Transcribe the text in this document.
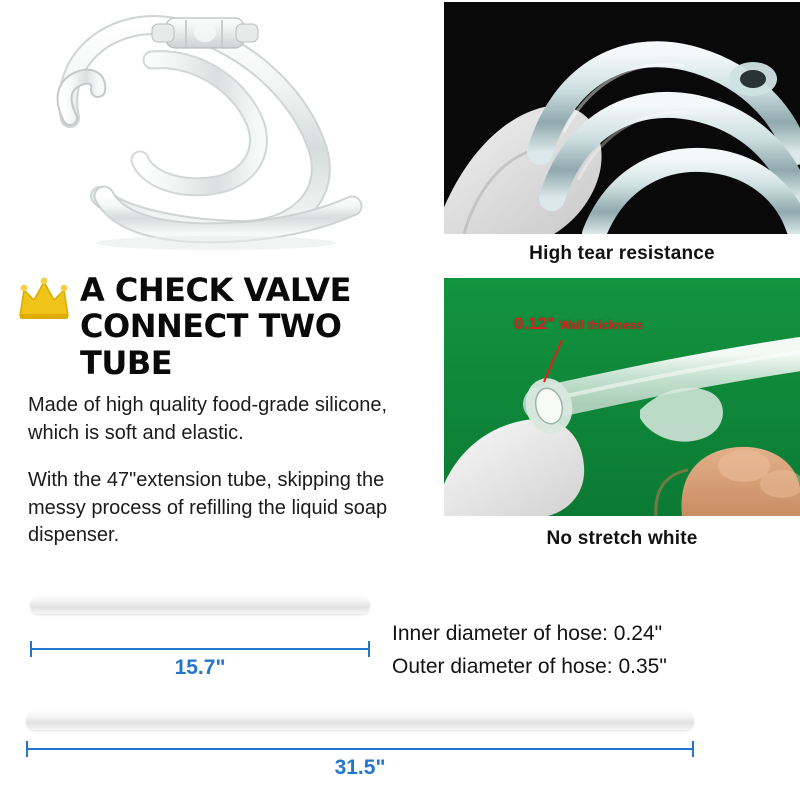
High tear resistance
0.12" Wall thickness
No stretch white
A CHECK VALVE
CONNECT TWO TUBE

Made of high quality food-grade silicone, which is soft and elastic.

With the 47"extension tube, skipping the messy process of refilling the liquid soap dispenser.

15.7"
Inner diameter of hose: 0.24"
Outer diameter of hose: 0.35"
31.5"
